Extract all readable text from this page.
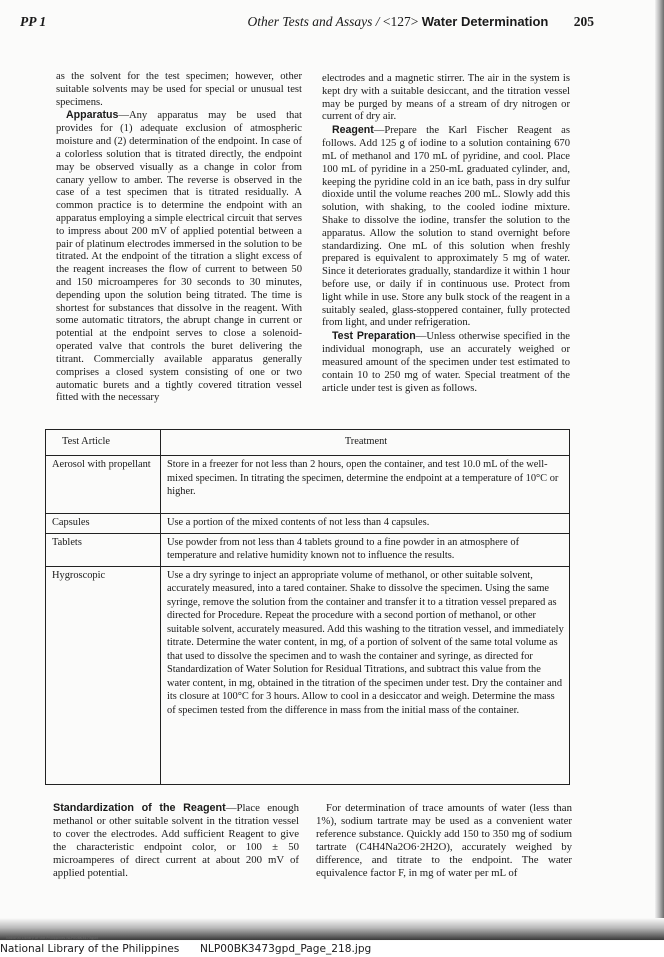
PP 1	Other Tests and Assays / <127> Water Determination 205

as the solvent for the test specimen; however, other suitable solvents may be used for special or unusual test specimens.

Apparatus—Any apparatus may be used that provides for (1) adequate exclusion of atmospheric moisture and (2) determination of the endpoint. In case of a colorless solution that is titrated directly, the endpoint may be observed visually as a change in color from canary yellow to amber. The reverse is observed in the case of a test specimen that is titrated residually. A common practice is to determine the endpoint with an apparatus employing a simple electrical circuit that serves to impress about 200 mV of applied potential between a pair of platinum electrodes immersed in the solution to be titrated. At the endpoint of the titration a slight excess of the reagent increases the flow of current to between 50 and 150 microamperes for 30 seconds to 30 minutes, depending upon the solution being titrated. The time is shortest for substances that dissolve in the reagent. With some automatic titrators, the abrupt change in current or potential at the endpoint serves to close a solenoid-operated valve that controls the buret delivering the titrant. Commercially available apparatus generally comprises a closed system consisting of one or two automatic burets and a tightly covered titration vessel fitted with the necessary

electrodes and a magnetic stirrer. The air in the system is kept dry with a suitable desiccant, and the titration vessel may be purged by means of a stream of dry nitrogen or current of dry air.

Reagent—Prepare the Karl Fischer Reagent as follows. Add 125 g of iodine to a solution containing 670 mL of methanol and 170 mL of pyridine, and cool. Place 100 mL of pyridine in a 250-mL graduated cylinder, and, keeping the pyridine cold in an ice bath, pass in dry sulfur dioxide until the volume reaches 200 mL. Slowly add this solution, with shaking, to the cooled iodine mixture. Shake to dissolve the iodine, transfer the solution to the apparatus. Allow the solution to stand overnight before standardizing. One mL of this solution when freshly prepared is equivalent to approximately 5 mg of water. Since it deteriorates gradually, standardize it within 1 hour before use, or daily if in continuous use. Protect from light while in use. Store any bulk stock of the reagent in a suitably sealed, glass-stoppered container, fully protected from light, and under refrigeration.

Test Preparation—Unless otherwise specified in the individual monograph, use an accurately weighed or measured amount of the specimen under test estimated to contain 10 to 250 mg of water. Special treatment of the article under test is given as follows.

Test Article	Treatment
Aerosol with propellant	Store in a freezer for not less than 2 hours, open the container, and test 10.0 mL of the well-mixed specimen. In titrating the specimen, determine the endpoint at a temperature of 10°C or higher.
Capsules	Use a portion of the mixed contents of not less than 4 capsules.
Tablets	Use powder from not less than 4 tablets ground to a fine powder in an atmosphere of temperature and relative humidity known not to influence the results.
Hygroscopic	Use a dry syringe to inject an appropriate volume of methanol, or other suitable solvent, accurately measured, into a tared container. Shake to dissolve the specimen. Using the same syringe, remove the solution from the container and transfer it to a titration vessel prepared as directed for Procedure. Repeat the procedure with a second portion of methanol, or other suitable solvent, accurately measured. Add this washing to the titration vessel, and immediately titrate. Determine the water content, in mg, of a portion of solvent of the same total volume as that used to dissolve the specimen and to wash the container and syringe, as directed for Standardization of Water Solution for Residual Titrations, and subtract this value from the water content, in mg, obtained in the titration of the specimen under test. Dry the container and its closure at 100°C for 3 hours. Allow to cool in a desiccator and weigh. Determine the mass of specimen tested from the difference in mass from the initial mass of the container.

Standardization of the Reagent—Place enough methanol or other suitable solvent in the titration vessel to cover the electrodes. Add sufficient Reagent to give the characteristic endpoint color, or 100 ± 50 microamperes of direct current at about 200 mV of applied potential.

For determination of trace amounts of water (less than 1%), sodium tartrate may be used as a convenient water reference substance. Quickly add 150 to 350 mg of sodium tartrate (C4H4Na2O6·2H2O), accurately weighed by difference, and titrate to the endpoint. The water equivalence factor F, in mg of water per mL of

National Library of the Philippines NLP00BK3473gpd
National Library of the Philippines NLP00BK3473gpd_Page_218.jpg
